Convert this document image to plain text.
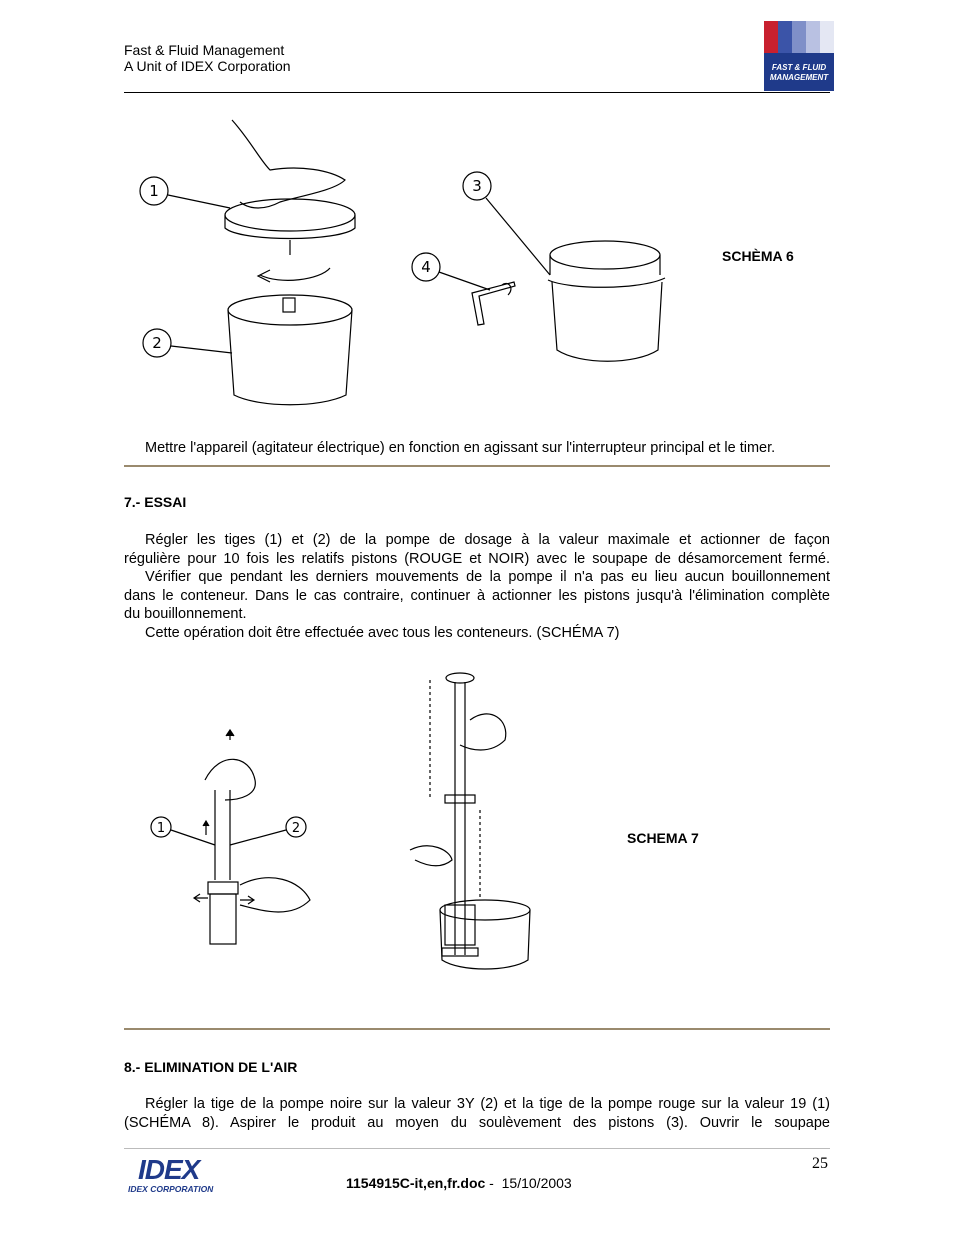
Fast & Fluid Management
A Unit of IDEX Corporation	FAST & FLUID
MANAGEMENT
1
2
3
4
SCHÈMA 6
Mettre l'appareil (agitateur électrique) en fonction en agissant sur l'interrupteur principal et le timer.
7.- ESSAI
Régler les tiges (1) et (2) de la pompe de dosage à la valeur maximale et actionner de façon
régulière pour 10 fois les relatifs pistons (ROUGE et NOIR) avec le soupape de désamorcement fermé.
Vérifier que pendant les derniers mouvements de la pompe il n'a pas eu lieu aucun bouillonnement
dans le conteneur. Dans le cas contraire, continuer à actionner les pistons jusqu'à l'élimination complète
du bouillonnement.
Cette opération doit être effectuée avec tous les conteneurs. (SCHÉMA 7)
1	2
SCHEMA 7
8.- ELIMINATION DE L'AIR
Régler la tige de la pompe noire sur la valeur 3Y (2) et la tige de la pompe rouge sur la valeur 19 (1)
(SCHÉMA 8). Aspirer le produit au moyen du soulèvement des pistons (3). Ouvrir le soupape
IDEX
IDEX CORPORATION	1154915C-it,en,fr.doc -  15/10/2003
25
